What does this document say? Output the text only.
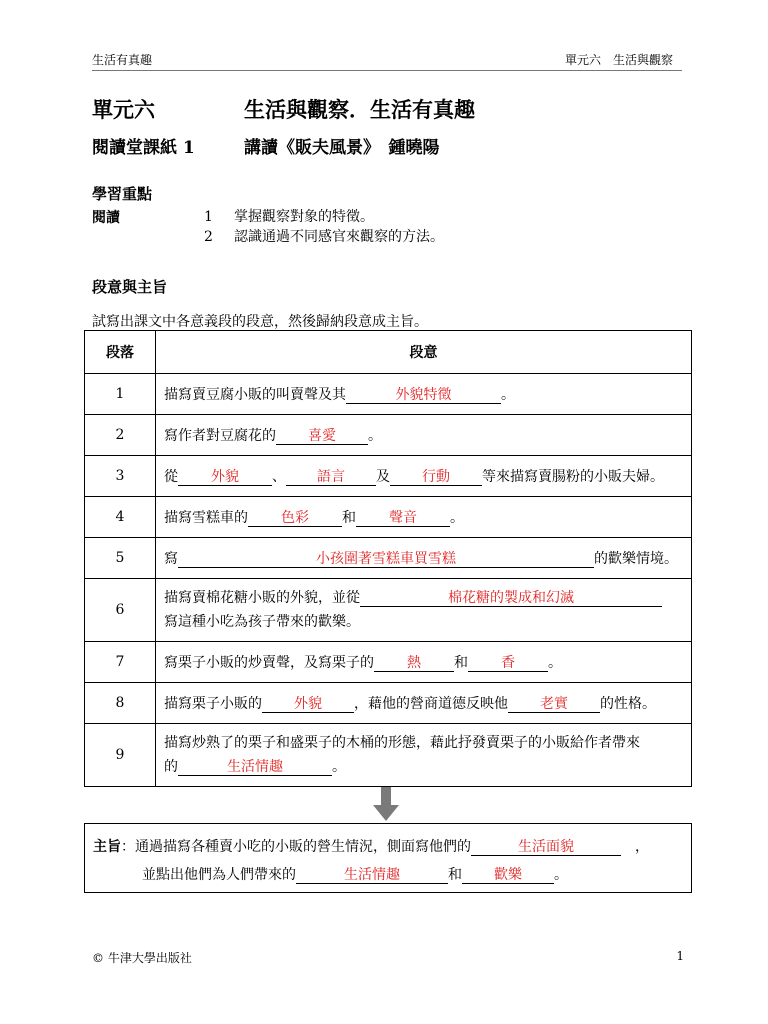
生活有真趣	單元六　生活與觀察
單元六	生活與觀察．生活有真趣
閱讀堂課紙 1	講讀《販夫風景》　鍾曉陽
學習重點
閱讀	1 掌握觀察對象的特徵。
2 認識通過不同感官來觀察的方法。
段意與主旨
試寫出課文中各意義段的段意，然後歸納段意成主旨。
段落	段意
1	描寫賣豆腐小販的叫賣聲及其 外貌特徵 。
2	寫作者對豆腐花的 喜愛 。
3	從 外貌 、 語言 及 行動 等來描寫賣腸粉的小販夫婦。
4	描寫雪糕車的 色彩 和 聲音 。
5	寫 小孩圍著雪糕車買雪糕 的歡樂情境。
6	描寫賣棉花糖小販的外貌，並從 棉花糖的製成和幻滅
寫這種小吃為孩子帶來的歡樂。

7	寫栗子小販的炒賣聲，及寫栗子的 熱 和 香 。
8	描寫栗子小販的 外貌 ，藉他的營商道德反映他 老實 的性格。
9	描寫炒熟了的栗子和盛栗子的木桶的形態，藉此抒發賣栗子的小販給作者帶來
的 生活情趣 。
主旨：通過描寫各種賣小吃的小販的營生情況，側面寫他們的	生活面貌	，
並點出他們為人們帶來的	生活情趣	和 歡樂 。
© 牛津大學出版社	1
